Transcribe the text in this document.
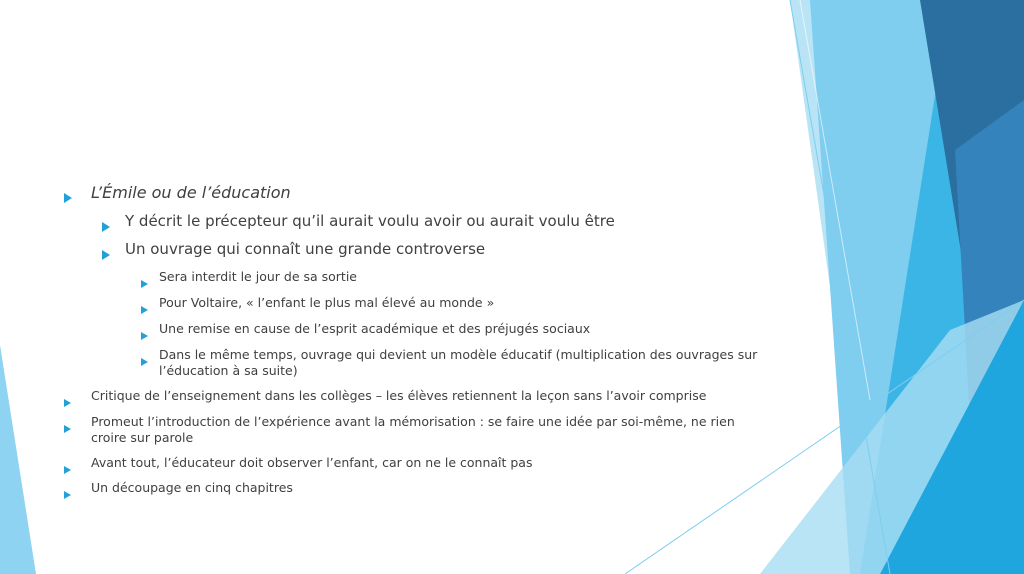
L’Émile ou de l’éducation
Y décrit le précepteur qu’il aurait voulu avoir ou aurait voulu être
Un ouvrage qui connaît une grande controverse
Sera interdit le jour de sa sortie
Pour Voltaire, « l’enfant le plus mal élevé au monde »
Une remise en cause de l’esprit académique et des préjugés sociaux
Dans le même temps, ouvrage qui devient un modèle éducatif (multiplication des ouvrages sur l’éducation à sa suite)
Critique de l’enseignement dans les collèges – les élèves retiennent la leçon sans l’avoir comprise
Promeut l’introduction de l’expérience avant la mémorisation : se faire une idée par soi-même, ne rien croire sur parole
Avant tout, l’éducateur doit observer l’enfant, car on ne le connaît pas
Un découpage en cinq chapitres
